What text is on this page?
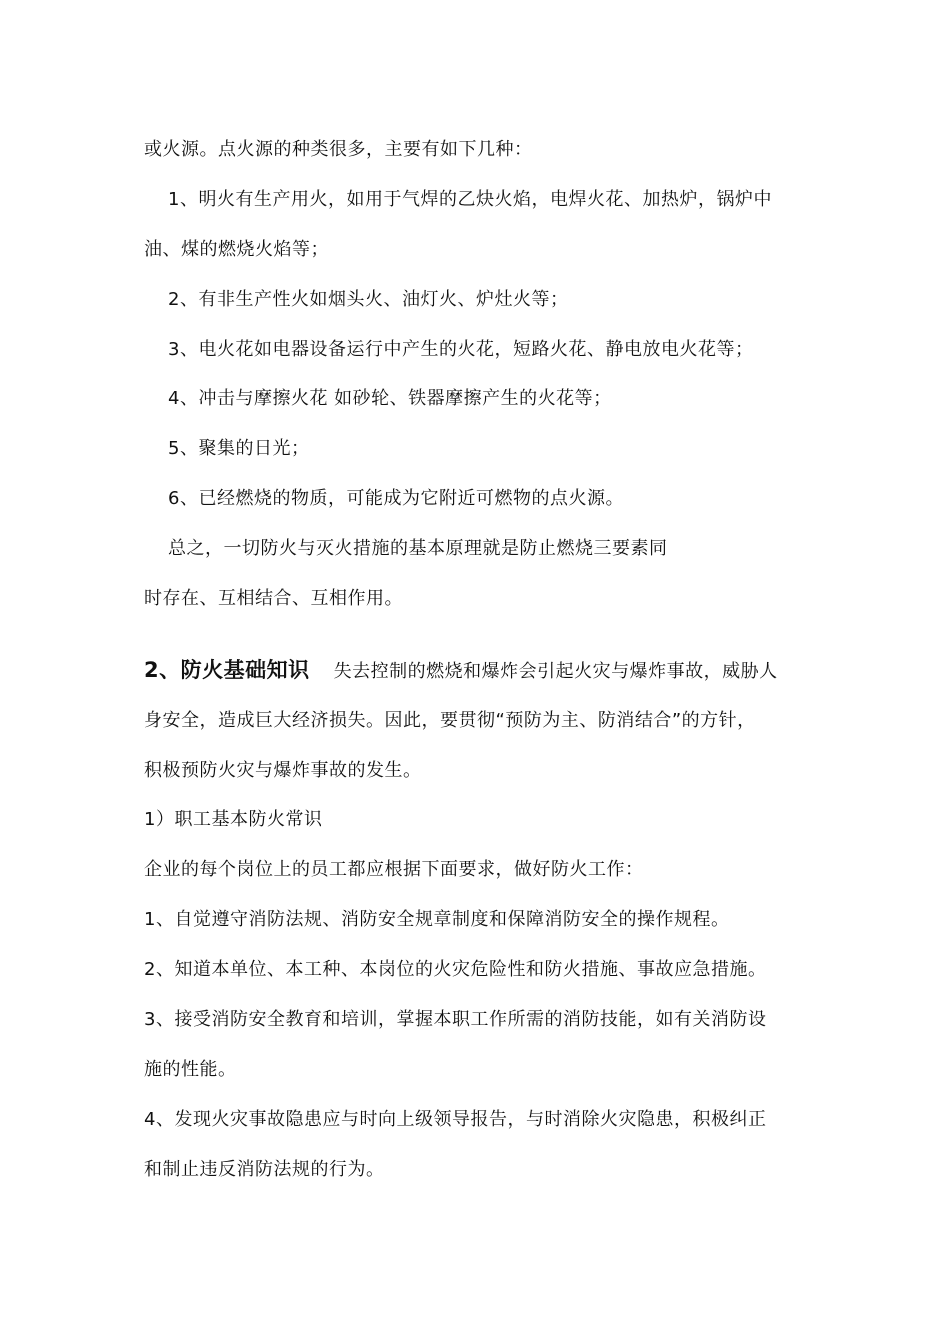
或火源。点火源的种类很多，主要有如下几种：
1、明火有生产用火，如用于气焊的乙炔火焰，电焊火花、加热炉，锅炉中
油、煤的燃烧火焰等；
2、有非生产性火如烟头火、油灯火、炉灶火等；
3、电火花如电器设备运行中产生的火花，短路火花、静电放电火花等；
4、冲击与摩擦火花 如砂轮、铁器摩擦产生的火花等；
5、聚集的日光；
6、已经燃烧的物质，可能成为它附近可燃物的点火源。
总之，一切防火与灭火措施的基本原理就是防止燃烧三要素同
时存在、互相结合、互相作用。
2、防火基础知识 失去控制的燃烧和爆炸会引起火灾与爆炸事故，威胁人
身安全，造成巨大经济损失。因此，要贯彻“预防为主、防消结合”的方针，
积极预防火灾与爆炸事故的发生。
1）职工基本防火常识
企业的每个岗位上的员工都应根据下面要求，做好防火工作：
1、自觉遵守消防法规、消防安全规章制度和保障消防安全的操作规程。
2、知道本单位、本工种、本岗位的火灾危险性和防火措施、事故应急措施。
3、接受消防安全教育和培训，掌握本职工作所需的消防技能，如有关消防设
施的性能。
4、发现火灾事故隐患应与时向上级领导报告，与时消除火灾隐患，积极纠正
和制止违反消防法规的行为。
